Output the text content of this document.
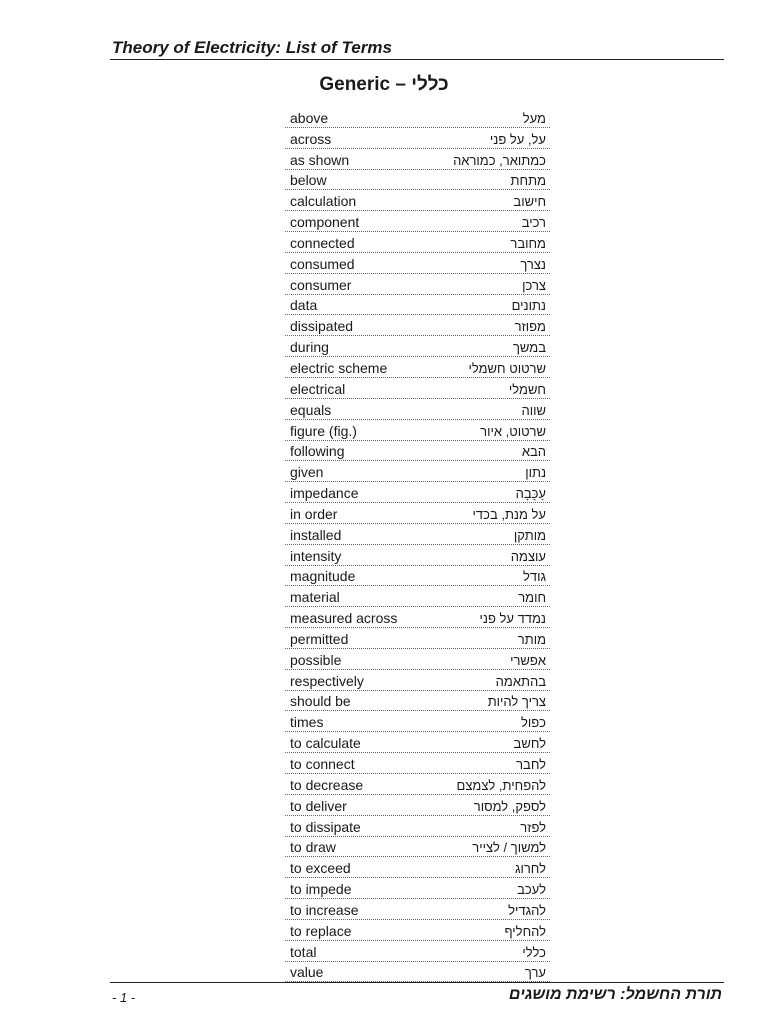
Theory of Electricity: List of Terms
Generic – כללי
above	מעל
across	על, על פני
as shown	כמתואר, כמוראה
below	מתחת
calculation	חישוב
component	רכיב
connected	מחובר
consumed	נצרך
consumer	צרכן
data	נתונים
dissipated	מפוזר
during	במשך
electric scheme	שרטוט חשמלי
electrical	חשמלי
equals	שווה
figure (fig.)	שרטוט, איור
following	הבא
given	נתון
impedance	עַכָּבָה
in order	על מנת, בכדי
installed	מותקן
intensity	עוצמה
magnitude	גודל
material	חומר
measured across	נמדד על פני
permitted	מותר
possible	אפשרי
respectively	בהתאמה
should be	צריך להיות
times	כפול
to calculate	לחשב
to connect	לחבר
to decrease	להפחית, לצמצם
to deliver	לספק, למסור
to dissipate	לפזר
to draw	למשוך / לצייר
to exceed	לחרוג
to impede	לעכב
to increase	להגדיל
to replace	להחליף
total	כללי
value	ערך
- 1 -	תורת החשמל: רשימת מושגים
